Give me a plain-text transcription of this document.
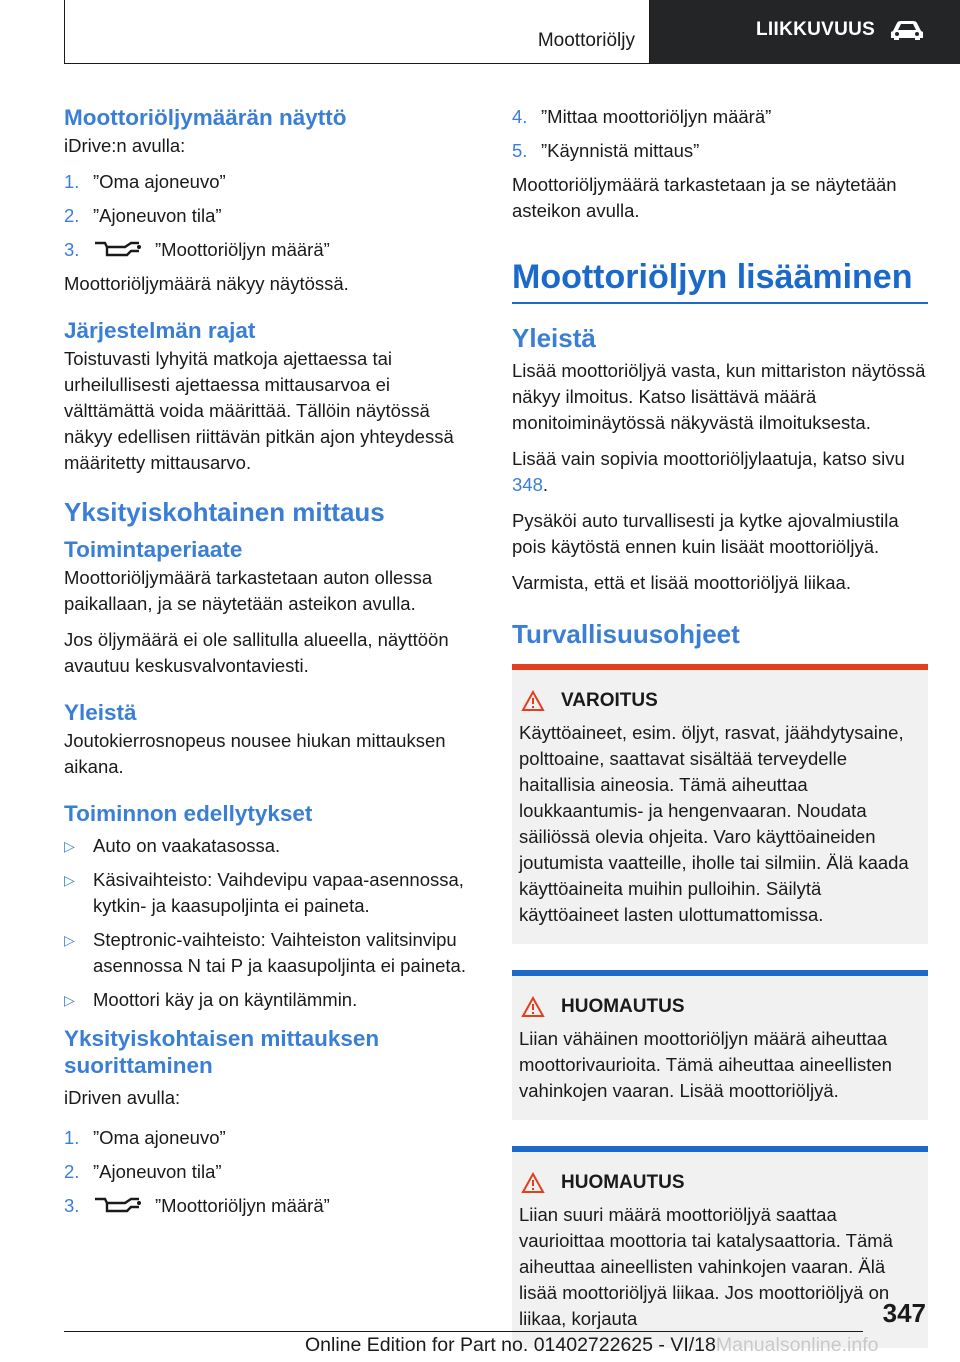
Moottoriöljy
LIIKKUVUUS
Moottoriöljymäärän näyttö

iDrive:n avulla:

1. ”Oma ajoneuvo”
2. ”Ajoneuvon tila”
3.	”Moottoriöljyn määrä”

Moottoriöljymäärä näkyy näytössä.

Järjestelmän rajat

Toistuvasti lyhyitä matkoja ajettaessa tai urheilullisesti ajettaessa mittausarvoa ei välttämättä voida määrittää. Tällöin näytössä näkyy edellisen riittävän pitkän ajon yhteydessä määritetty mittausarvo.

Yksityiskohtainen mittaus
Toimintaperiaate

Moottoriöljymäärä tarkastetaan auton ollessa paikallaan, ja se näytetään asteikon avulla.

Jos öljymäärä ei ole sallitulla alueella, näyttöön avautuu keskusvalvontaviesti.

Yleistä

Joutokierrosnopeus nousee hiukan mittauksen aikana.

Toiminnon edellytykset
▷ Auto on vaakatasossa.
▷ Käsivaihteisto: Vaihdevipu vapaa-asennossa, kytkin- ja kaasupoljinta ei paineta.
▷ Steptronic-vaihteisto: Vaihteiston valitsinvipu asennossa N tai P ja kaasupoljinta ei paineta.
▷ Moottori käy ja on käyntilämmin.
Yksityiskohtaisen mittauksen suorittaminen

iDriven avulla:

1. ”Oma ajoneuvo”
2. ”Ajoneuvon tila”
3.	”Moottoriöljyn määrä”
4. ”Mittaa moottoriöljyn määrä”
5. ”Käynnistä mittaus”

Moottoriöljymäärä tarkastetaan ja se näytetään asteikon avulla.

Moottoriöljyn lisääminen
Yleistä

Lisää moottoriöljyä vasta, kun mittariston näytössä näkyy ilmoitus. Katso lisättävä määrä monitoiminäytössä näkyvästä ilmoituksesta.

Lisää vain sopivia moottoriöljylaatuja, katso sivu 348.

Pysäköi auto turvallisesti ja kytke ajovalmiustila pois käytöstä ennen kuin lisäät moottoriöljyä.

Varmista, että et lisää moottoriöljyä liikaa.

Turvallisuusohjeet
VAROITUS

Käyttöaineet, esim. öljyt, rasvat, jäähdytysaine, polttoaine, saattavat sisältää terveydelle haitallisia aineosia. Tämä aiheuttaa loukkaantumis- ja hengenvaaran. Noudata säiliössä olevia ohjeita. Varo käyttöaineiden joutumista vaatteille, iholle tai silmiin. Älä kaada käyttöaineita muihin pulloihin. Säilytä käyttöaineet lasten ulottumattomissa.

HUOMAUTUS

Liian vähäinen moottoriöljyn määrä aiheuttaa moottorivaurioita. Tämä aiheuttaa aineellisten vahinkojen vaaran. Lisää moottoriöljyä.

HUOMAUTUS

Liian suuri määrä moottoriöljyä saattaa vaurioittaa moottoria tai katalysaattoria. Tämä aiheuttaa aineellisten vahinkojen vaaran. Älä lisää moottoriöljyä liikaa. Jos moottoriöljyä on liikaa, korjauta	347
Online Edition for Part no. 01402722625 - VI/18Manualsonline.info
